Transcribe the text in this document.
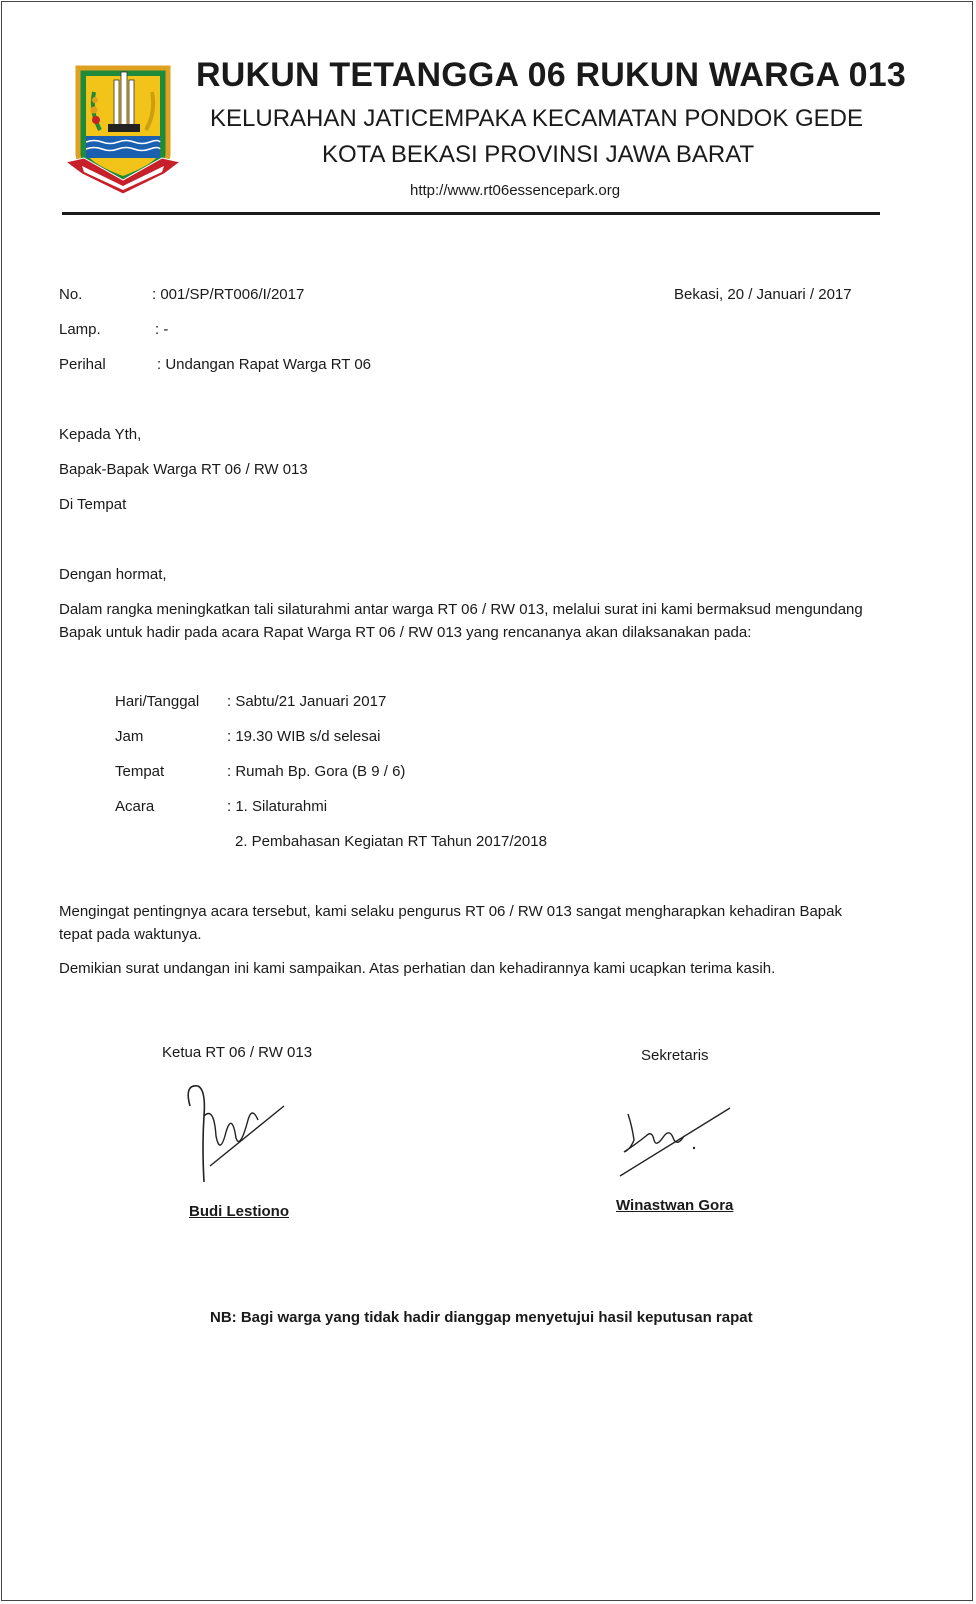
RUKUN TETANGGA 06 RUKUN WARGA 013
KELURAHAN JATICEMPAKA KECAMATAN PONDOK GEDE
KOTA BEKASI PROVINSI JAWA BARAT
http://www.rt06essencepark.org
No.	: 001/SP/RT006/I/2017	Bekasi, 20 / Januari / 2017
Lamp.	: -
Perihal	: Undangan Rapat Warga RT 06
Kepada Yth,
Bapak-Bapak Warga RT 06 / RW 013
Di Tempat
Dengan hormat,
Dalam rangka meningkatkan tali silaturahmi antar warga RT 06 / RW 013, melalui surat ini kami bermaksud mengundang
Bapak untuk hadir pada acara Rapat Warga RT 06 / RW 013 yang rencananya akan dilaksanakan pada:
Hari/Tanggal : Sabtu/21 Januari 2017
Jam	: 19.30 WIB s/d selesai
Tempat	: Rumah Bp. Gora (B 9 / 6)
Acara	: 1. Silaturahmi
2. Pembahasan Kegiatan RT Tahun 2017/2018
Mengingat pentingnya acara tersebut, kami selaku pengurus RT 06 / RW 013 sangat mengharapkan kehadiran Bapak
tepat pada waktunya.
Demikian surat undangan ini kami sampaikan. Atas perhatian dan kehadirannya kami ucapkan terima kasih.
Ketua RT 06 / RW 013
Budi Lestiono
Sekretaris
Winastwan Gora
NB: Bagi warga yang tidak hadir dianggap menyetujui hasil keputusan rapat
